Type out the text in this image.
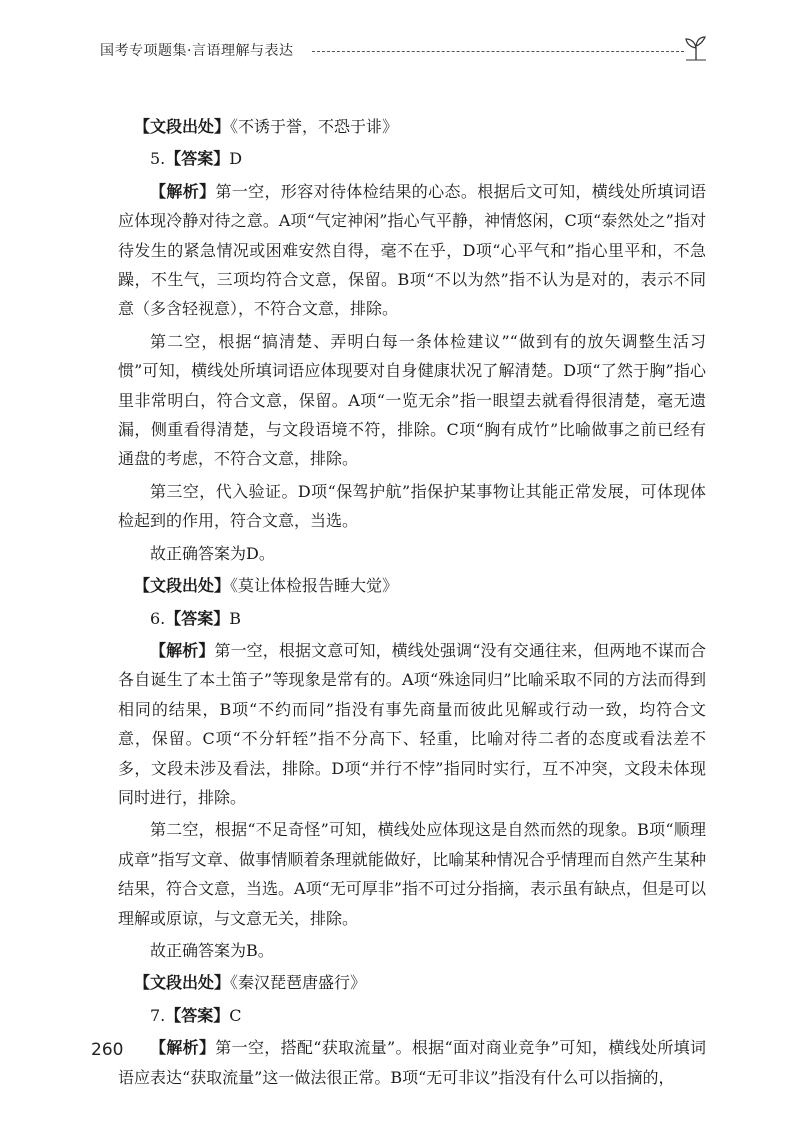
国考专项题集·言语理解与表达

【文段出处】《不诱于誉，不恐于诽》

5.【答案】D

【解析】第一空，形容对待体检结果的心态。根据后文可知，横线处所填词语应体现冷静对待之意。A项“气定神闲”指心气平静，神情悠闲，C项“泰然处之”指对待发生的紧急情况或困难安然自得，毫不在乎，D项“心平气和”指心里平和，不急躁，不生气，三项均符合文意，保留。B项“不以为然”指不认为是对的，表示不同意（多含轻视意），不符合文意，排除。

第二空，根据“搞清楚、弄明白每一条体检建议”“做到有的放矢调整生活习惯”可知，横线处所填词语应体现要对自身健康状况了解清楚。D项“了然于胸”指心里非常明白，符合文意，保留。A项“一览无余”指一眼望去就看得很清楚，毫无遗漏，侧重看得清楚，与文段语境不符，排除。C项“胸有成竹”比喻做事之前已经有通盘的考虑，不符合文意，排除。

第三空，代入验证。D项“保驾护航”指保护某事物让其能正常发展，可体现体检起到的作用，符合文意，当选。

故正确答案为D。

【文段出处】《莫让体检报告睡大觉》

6.【答案】B

【解析】第一空，根据文意可知，横线处强调“没有交通往来，但两地不谋而合各自诞生了本土笛子”等现象是常有的。A项“殊途同归”比喻采取不同的方法而得到相同的结果，B项“不约而同”指没有事先商量而彼此见解或行动一致，均符合文意，保留。C项“不分轩轾”指不分高下、轻重，比喻对待二者的态度或看法差不多，文段未涉及看法，排除。D项“并行不悖”指同时实行，互不冲突，文段未体现同时进行，排除。

第二空，根据“不足奇怪”可知，横线处应体现这是自然而然的现象。B项“顺理成章”指写文章、做事情顺着条理就能做好，比喻某种情况合乎情理而自然产生某种结果，符合文意，当选。A项“无可厚非”指不可过分指摘，表示虽有缺点，但是可以理解或原谅，与文意无关，排除。

故正确答案为B。

【文段出处】《秦汉琵琶唐盛行》

7.【答案】C

【解析】第一空，搭配“获取流量”。根据“面对商业竞争”可知，横线处所填词语应表达“获取流量”这一做法很正常。B项“无可非议”指没有什么可以指摘的，

260
